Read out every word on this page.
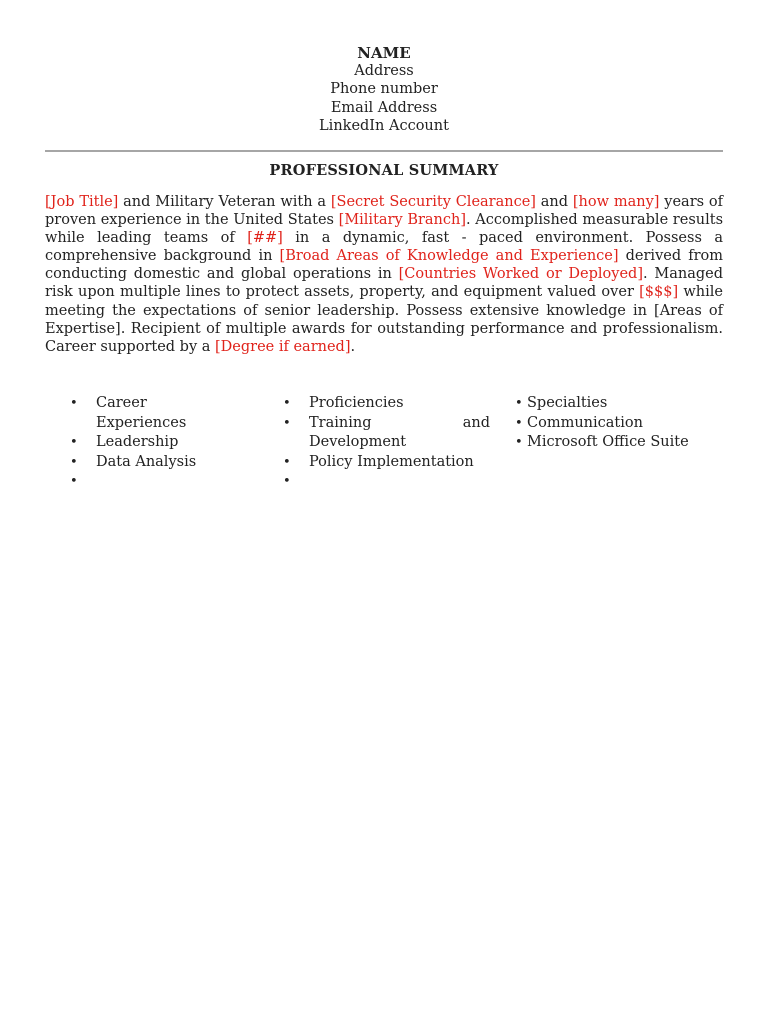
NAME
Address
Phone number
Email Address
LinkedIn Account
PROFESSIONAL SUMMARY

[Job Title] and Military Veteran with a [Secret Security Clearance] and [how many] years of proven experience in the United States [Military Branch]. Accomplished measurable results while leading teams of [##] in a dynamic, fast - paced environment. Possess a comprehensive background in [Broad Areas of Knowledge and Experience] derived from conducting domestic and global operations in [Countries Worked or Deployed]. Managed risk upon multiple lines to protect assets, property, and equipment valued over [$$$] while meeting the expectations of senior leadership. Possess extensive knowledge in [Areas of Expertise]. Recipient of multiple awards for outstanding performance and professionalism. Career supported by a [Degree if earned].

• Career Experiences
• Leadership
• Data Analysis
•

• Proficiencies
• Training and Development
• Policy Implementation
•

• Specialties
• Communication
• Microsoft Office Suite
